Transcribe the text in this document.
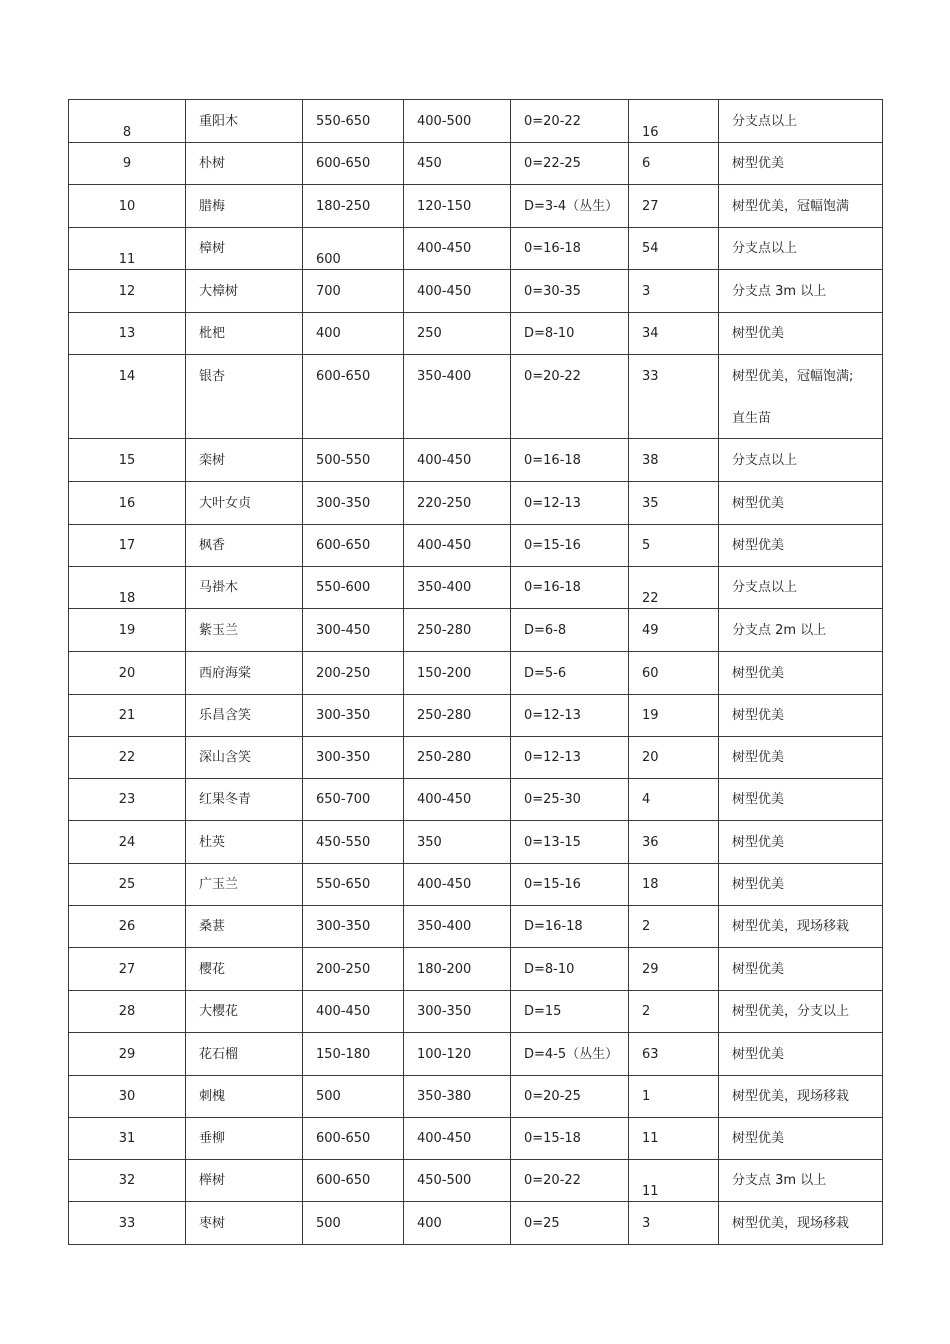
8	重阳木	550-650	400-500	0=20-22	16	分支点以上
9	朴树	600-650	450	0=22-25	6	树型优美
10	腊梅	180-250	120-150	D=3-4（丛生）	27	树型优美，冠幅饱满
11	樟树	600	400-450	0=16-18	54	分支点以上
12	大樟树	700	400-450	0=30-35	3	分支点 3m 以上
13	枇杷	400	250	D=8-10	34	树型优美
14	银杏	600-650	350-400	0=20-22	33	树型优美，冠幅饱满;
直生苗

15	栾树	500-550	400-450	0=16-18	38	分支点以上
16	大叶女贞	300-350	220-250	0=12-13	35	树型优美
17	枫香	600-650	400-450	0=15-16	5	树型优美
18	马褂木	550-600	350-400	0=16-18	22	分支点以上
19	紫玉兰	300-450	250-280	D=6-8	49	分支点 2m 以上
20	西府海棠	200-250	150-200	D=5-6	60	树型优美
21	乐昌含笑	300-350	250-280	0=12-13	19	树型优美
22	深山含笑	300-350	250-280	0=12-13	20	树型优美
23	红果冬青	650-700	400-450	0=25-30	4	树型优美
24	杜英	450-550	350	0=13-15	36	树型优美
25	广玉兰	550-650	400-450	0=15-16	18	树型优美
26	桑葚	300-350	350-400	D=16-18	2	树型优美，现场移栽
27	樱花	200-250	180-200	D=8-10	29	树型优美
28	大樱花	400-450	300-350	D=15	2	树型优美，分支以上
29	花石榴	150-180	100-120	D=4-5（丛生）	63	树型优美
30	刺槐	500	350-380	0=20-25	1	树型优美，现场移栽
31	垂柳	600-650	400-450	0=15-18	11	树型优美
32	榉树	600-650	450-500	0=20-22	11	分支点 3m 以上
33	枣树	500	400	0=25	3	树型优美，现场移栽
